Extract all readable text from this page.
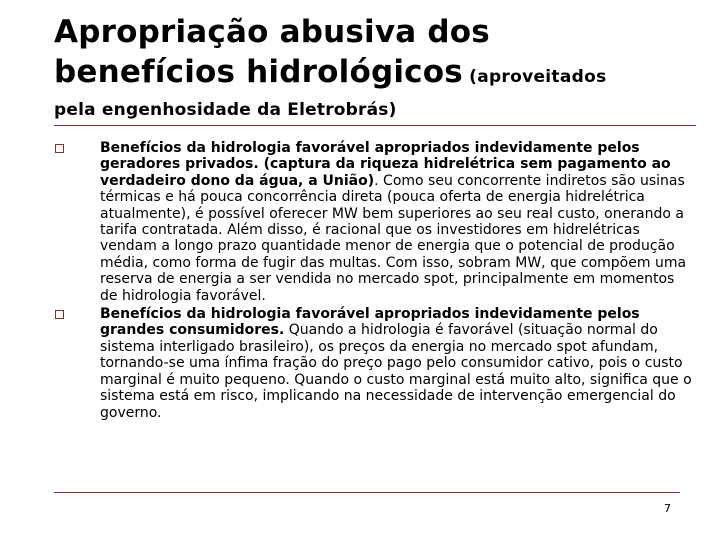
Apropriação abusiva dos
benefícios hidrológicos (aproveitados
pela engenhosidade da Eletrobrás)
Benefícios da hidrologia favorável apropriados indevidamente pelos geradores privados. (captura da riqueza hidrelétrica sem pagamento ao verdadeiro dono da água, a União). Como seu concorrente indiretos são usinas térmicas e há pouca concorrência direta (pouca oferta de energia hidrelétrica atualmente), é possível oferecer MW bem superiores ao seu real custo, onerando a tarifa contratada. Além disso, é racional que os investidores em hidrelétricas vendam a longo prazo quantidade menor de energia que o potencial de produção média, como forma de fugir das multas. Com isso, sobram MW, que compõem uma reserva de energia a ser vendida no mercado spot, principalmente em momentos de hidrologia favorável.
Benefícios da hidrologia favorável apropriados indevidamente pelos grandes consumidores. Quando a hidrologia é favorável (situação normal do sistema interligado brasileiro), os preços da energia no mercado spot afundam, tornando-se uma ínfima fração do preço pago pelo consumidor cativo, pois o custo marginal é muito pequeno. Quando o custo marginal está muito alto, significa que o sistema está em risco, implicando na necessidade de intervenção emergencial do governo.
7
